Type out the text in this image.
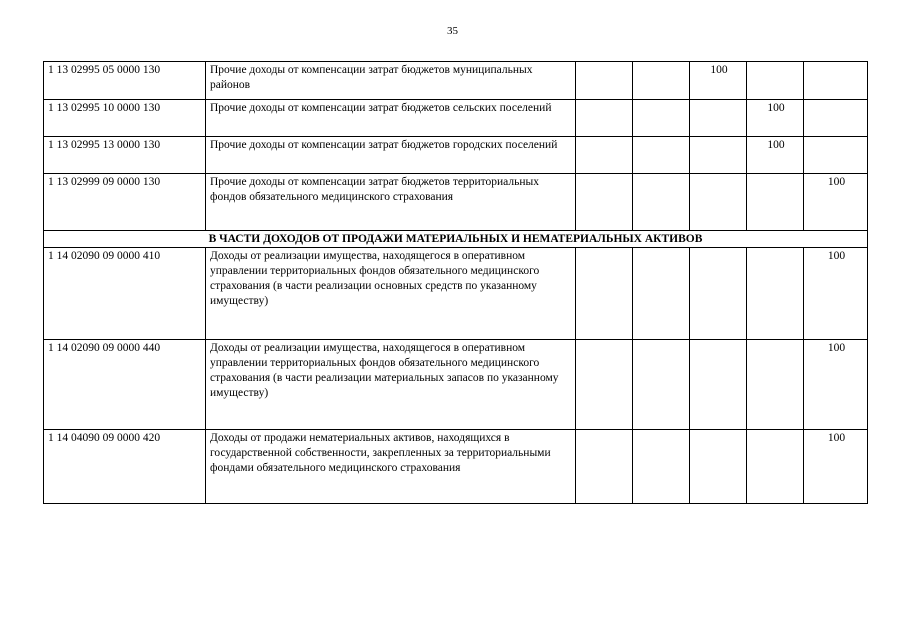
35
1 13 02995 05 0000 130	Прочие доходы от компенсации затрат бюджетов муниципальных районов			100		
1 13 02995 10 0000 130	Прочие доходы от компенсации затрат бюджетов сельских поселений				100	
1 13 02995 13 0000 130	Прочие доходы от компенсации затрат бюджетов городских поселений				100	
1 13 02999 09 0000 130	Прочие доходы от компенсации затрат бюджетов территориальных фондов обязательного медицинского страхования					100
В ЧАСТИ ДОХОДОВ ОТ ПРОДАЖИ МАТЕРИАЛЬНЫХ И НЕМАТЕРИАЛЬНЫХ АКТИВОВ						
1 14 02090 09 0000 410	Доходы от реализации имущества, находящегося в оперативном управлении территориальных фондов обязательного медицинского страхования (в части реализации основных средств по указанному имуществу)					100
1 14 02090 09 0000 440	Доходы от реализации имущества, находящегося в оперативном управлении территориальных фондов обязательного медицинского страхования (в части реализации материальных запасов по указанному имуществу)					100
1 14 04090 09 0000 420	Доходы от продажи нематериальных активов, находящихся в государственной собственности, закрепленных за территориальными фондами обязательного медицинского страхования					100
